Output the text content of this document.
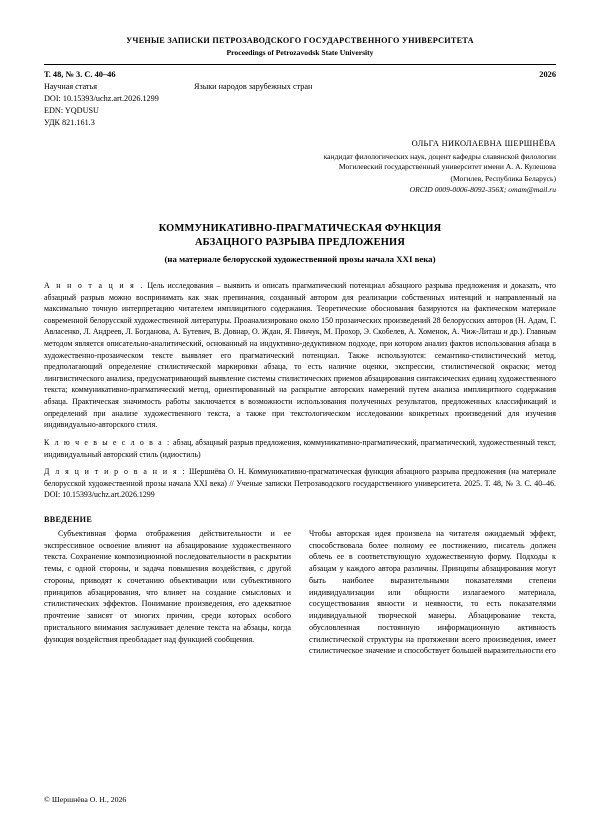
УЧЕНЫЕ ЗАПИСКИ ПЕТРОЗАВОДСКОГО ГОСУДАРСТВЕННОГО УНИВЕРСИТЕТА
Proceedings of Petrozavodsk State University
Т. 48, № 3. С. 40–46	2026
Научная статья	Языки народов зарубежных стран
DOI: 10.15393/uchz.art.2026.1299
EDN: YQDUSU
УДК 821.161.3
ОЛЬГА НИКОЛАЕВНА ШЕРШНЁВА
кандидат филологических наук, доцент кафедры славянской филологии
Могилевский государственный университет имени А. А. Кулешова
(Могилев, Республика Беларусь)
ORCID 0009-0006-8092-356X; omam@mail.ru
КОММУНИКАТИВНО-ПРАГМАТИЧЕСКАЯ ФУНКЦИЯ
АБЗАЦНОГО РАЗРЫВА ПРЕДЛОЖЕНИЯ
(на материале белорусской художественной прозы начала XXI века)
А н н о т а ц и я . Цель исследования – выявить и описать прагматический потенциал абзацного разрыва предложения и доказать, что абзацный разрыв можно воспринимать как знак препинания, созданный автором для реализации собственных интенций и направленный на максимально точную интерпретацию читателем имплицитного содержания. Теоретические обоснования базируются на фактическом материале современной белорусской художественной литературы. Проанализировано около 150 прозаических произведений 28 белорусских авторов (Н. Адам, Г. Авласенко, Л. Андреев, Л. Богданова, А. Бутевич, В. Довнар, О. Ждан, Я. Пинчук, М. Прохор, Э. Скобелев, А. Хоменок, А. Чиж-Литаш и др.). Главным методом является описательно-аналитический, основанный на индуктивно-дедуктивном подходе, при котором анализ фактов использования абзаца в художественно-прозаическом тексте выявляет его прагматический потенциал. Также используются: семантико-стилистический метод, предполагающий определение стилистической маркировки абзаца, то есть наличие оценки, экспрессии, стилистической окраски; метод лингвистического анализа, предусматривающий выявление системы стилистических приемов абзацирования синтаксических единиц художественного текста; коммуникативно-прагматический метод, ориентированный на раскрытие авторских намерений путем анализа имплицитного содержания абзаца. Практическая значимость работы заключается в возможности использования полученных результатов, предложенных классификаций и определений при анализе художественного текста, а также при текстологическом исследовании конкретных произведений для изучения индивидуально-авторского стиля.
К л ю ч е в ы е с л о в а : абзац, абзацный разрыв предложения, коммуникативно-прагматический, прагматический, художественный текст, индивидуальный авторский стиль (идиостиль)
Д л я ц и т и р о в а н и я : Шершнёва О. Н. Коммуникативно-прагматическая функция абзацного разрыва предложения (на материале белорусской художественной прозы начала XXI века) // Ученые записки Петрозаводского государственного университета. 2025. Т. 48, № 3. С. 40–46. DOI: 10.15393/uchz.art.2026.1299
ВВЕДЕНИЕ

Субъективная форма отображения действительности и ее экспрессивное освоение влияют на абзацирование художественного текста. Сохранение композиционной последовательности в раскрытии темы, с одной стороны, и задача повышения воздействия, с другой стороны, приводят к сочетанию объективации или субъективного принципов абзацирования, что влияет на создание смысловых и стилистических эффектов. Понимание произведения, его адекватное прочтение зависят от многих причин, среди которых особого пристального внимания заслуживает деление текста на абзацы, когда функция воздействия преобладает над функцией сообщения.

Чтобы авторская идея произвела на читателя ожидаемый эффект, способствовала более полному ее постижению, писатель должен облечь ее в соответствующую художественную форму. Подходы к абзацам у каждого автора различны. Принципы абзацирования могут быть наиболее выразительными показателями степени индивидуализации или общности излагаемого материала, сосуществования явности и неявности, то есть показателями индивидуальной творческой манеры. Абзацирование текста, обусловленная постоянную информационную активность стилистической структуры на протяжении всего произведения, имеет стилистическое значение и способствует большей выразительности его

© Шершнёва О. Н., 2026
